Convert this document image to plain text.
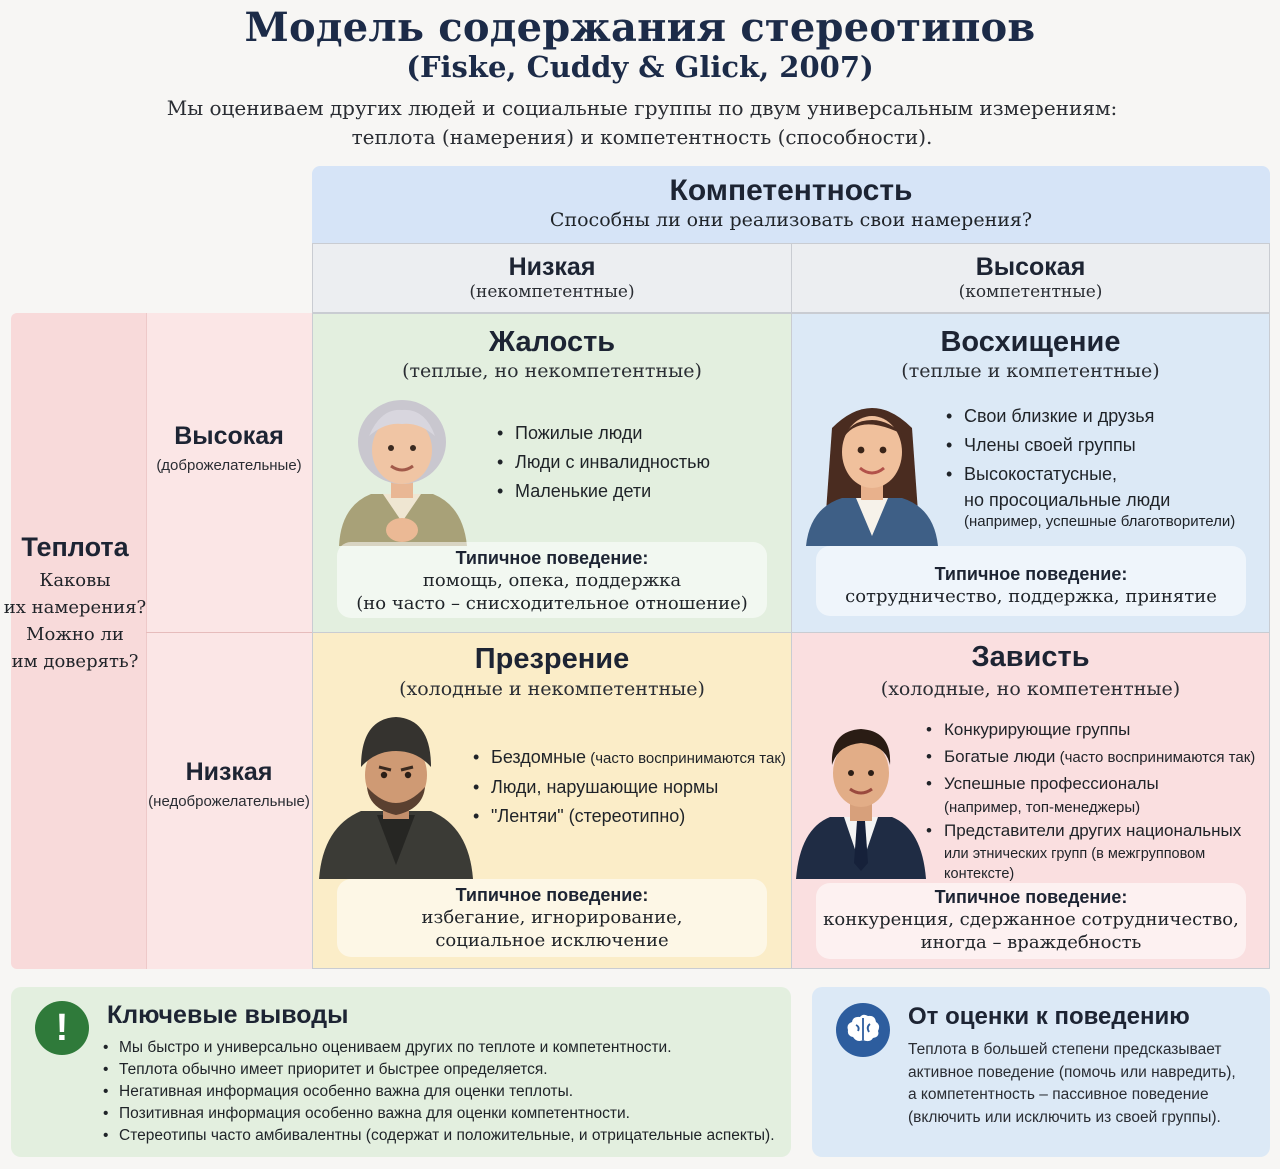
Модель содержания стереотипов
(Fiske, Cuddy & Glick, 2007)
Мы оцениваем других людей и социальные группы по двум универсальным измерениям:
теплота (намерения) и компетентность (способности).
Компетентность
Способны ли они реализовать свои намерения?
Низкая
(некомпетентные)
Высокая
(компетентные)
Теплота
Каковы
их намерения?
Можно ли
им доверять?
Высокая
(доброжелательные)
Низкая
(недоброжелательные)
Жалость
(теплые, но некомпетентные)
• Пожилые люди
• Люди с инвалидностью
• Маленькие дети
Типичное поведение:
помощь, опека, поддержка
(но часто – снисходительное отношение)
Восхищение
(теплые и компетентные)
• Свои близкие и друзья
• Члены своей группы
• Высокостатусные,
но просоциальные люди
(например, успешные благотворители)
Типичное поведение:
сотрудничество, поддержка, принятие
Презрение
(холодные и некомпетентные)
• Бездомные (часто воспринимаются так)
• Люди, нарушающие нормы
• "Лентяи" (стереотипно)
Типичное поведение:
избегание, игнорирование,
социальное исключение
Зависть
(холодные, но компетентные)
• Конкурирующие группы
• Богатые люди (часто воспринимаются так)
• Успешные профессионалы
(например, топ-менеджеры)
• Представители других национальных
или этнических групп (в межгрупповом контексте)
Типичное поведение:
конкуренция, сдержанное сотрудничество,
иногда – враждебность
!	Ключевые выводы
• Мы быстро и универсально оцениваем других по теплоте и компетентности.
• Теплота обычно имеет приоритет и быстрее определяется.
• Негативная информация особенно важна для оценки теплоты.
• Позитивная информация особенно важна для оценки компетентности.
• Стереотипы часто амбивалентны (содержат и положительные, и отрицательные аспекты).
От оценки к поведению
Теплота в большей степени предсказывает
активное поведение (помочь или навредить),
а компетентность – пассивное поведение
(включить или исключить из своей группы).
